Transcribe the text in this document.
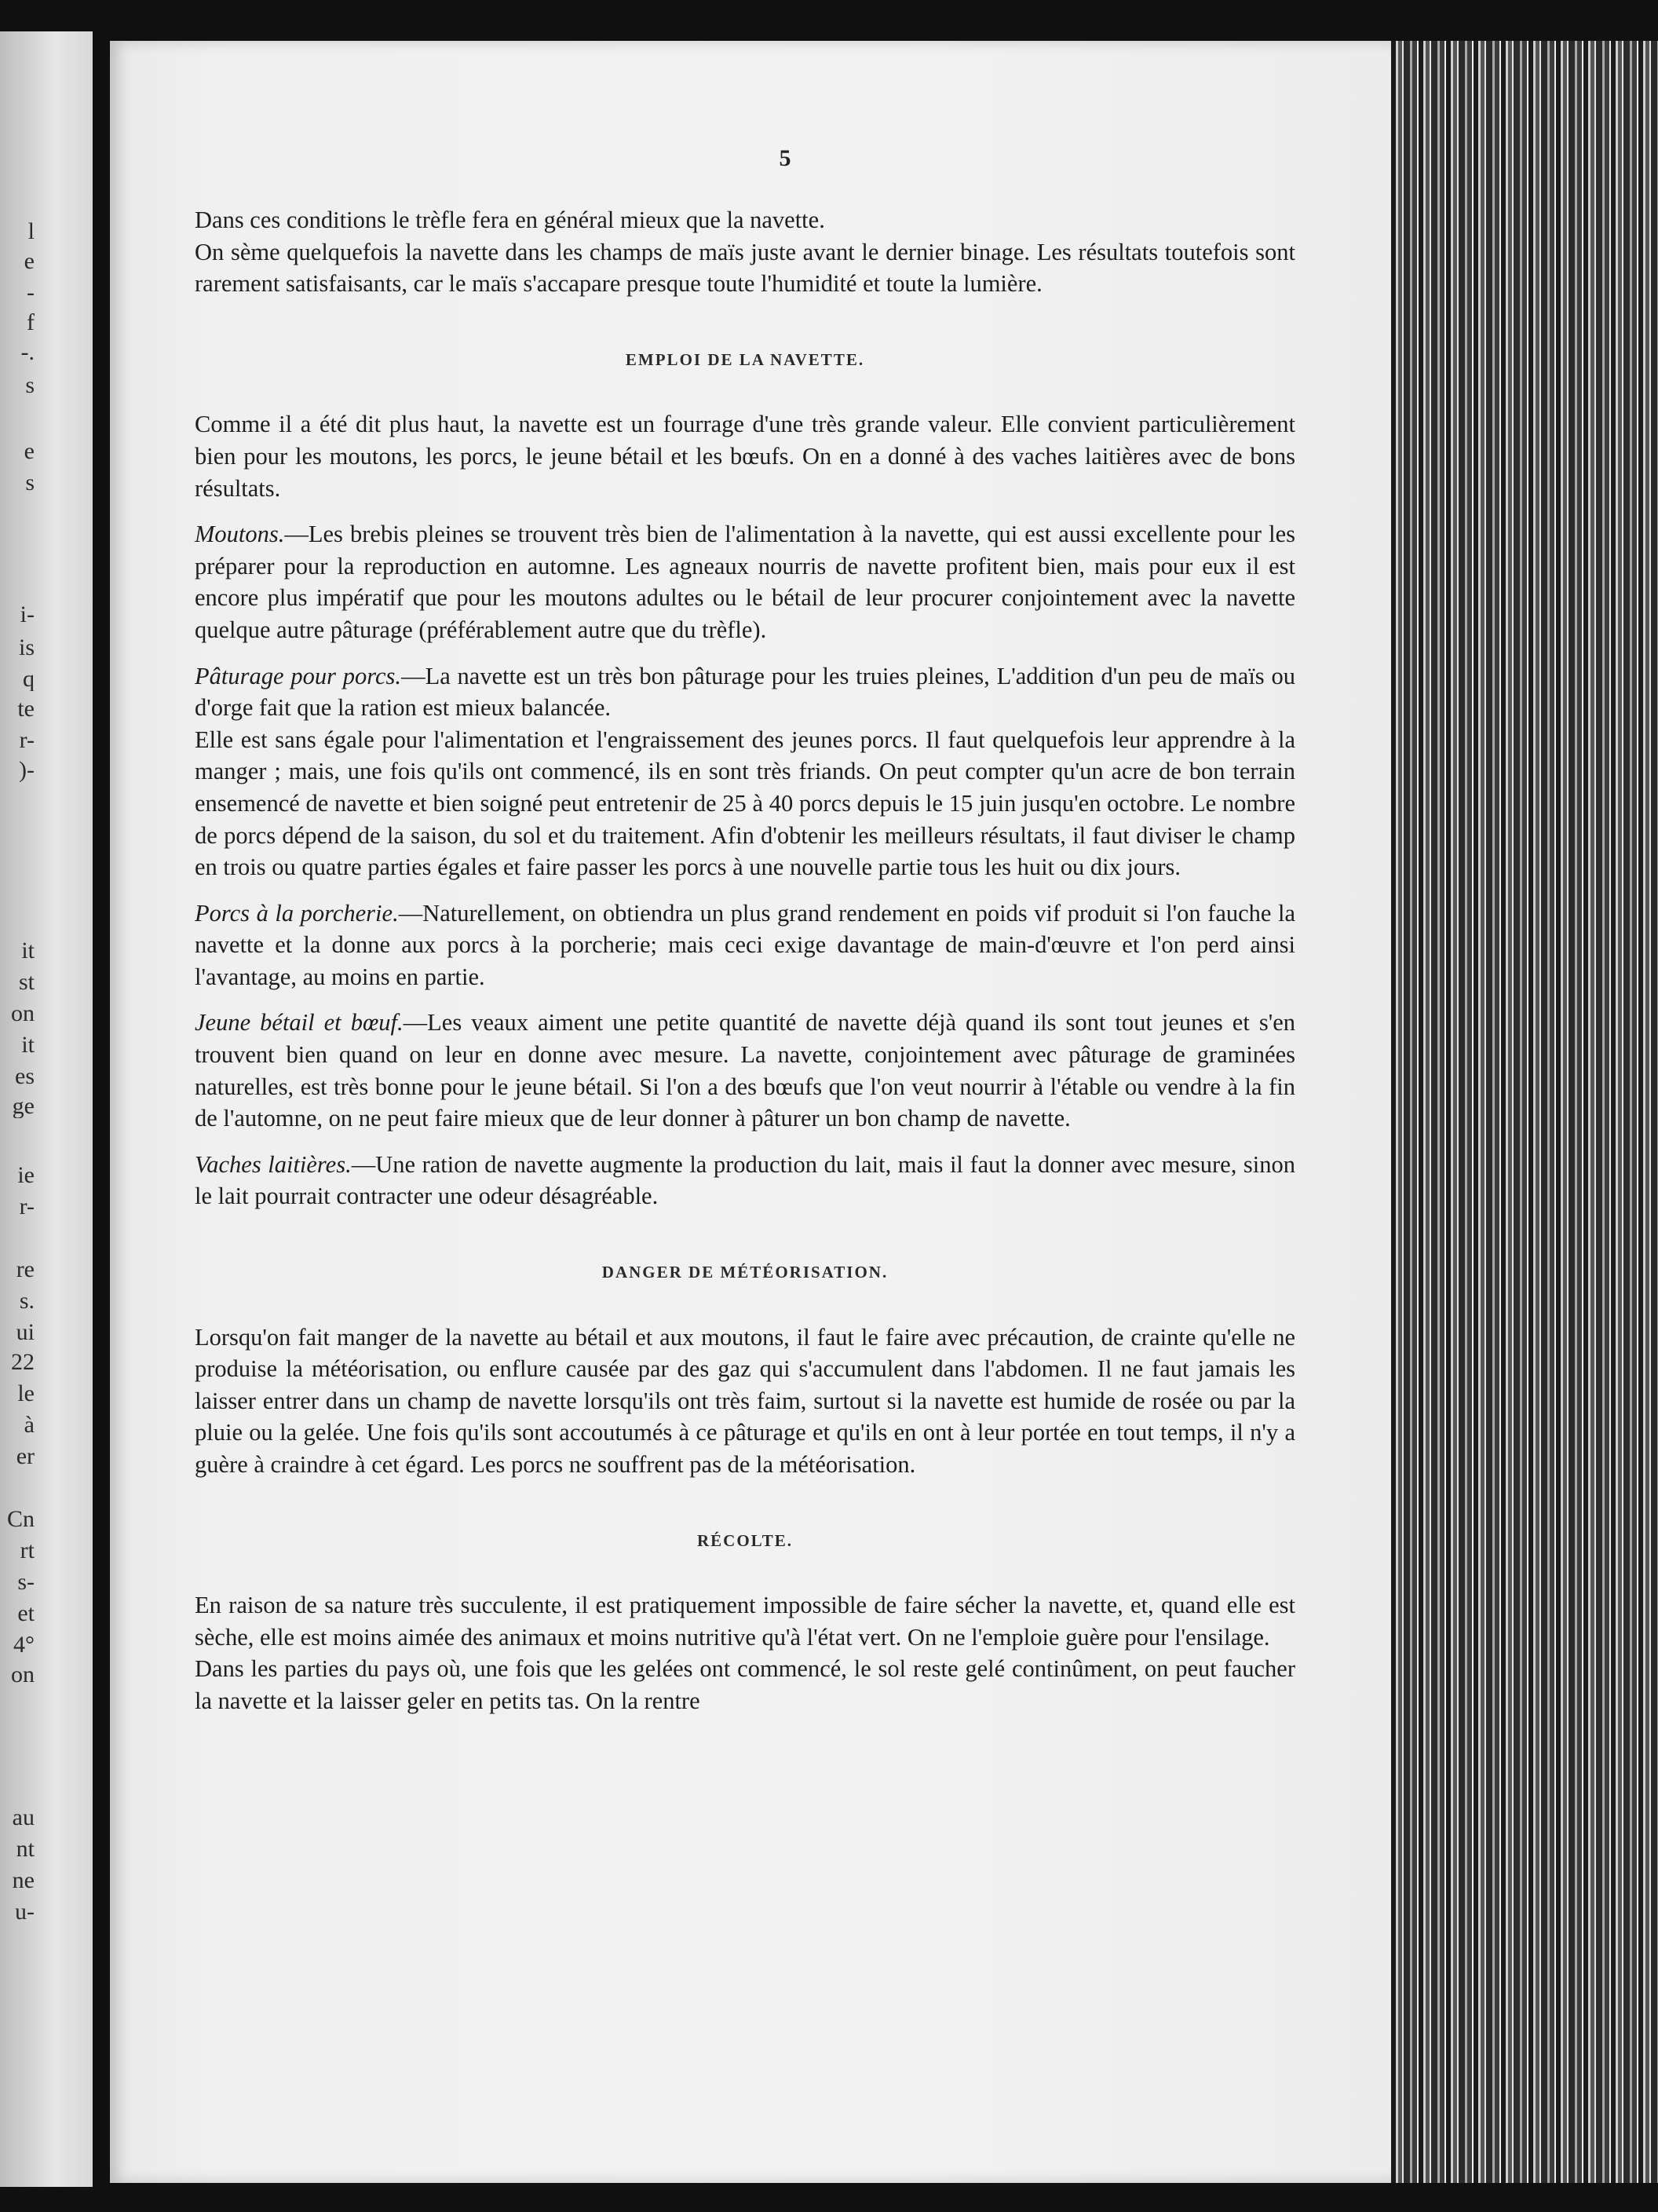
l
e
-
f
-.
s
e
s
i-
is
q
te
r-
)-
it
st
on
it
es
ge
ie
r-
re
s.
ui
22
le
à
er
Cn
rt
s-
et
4°
on
au
nt
ne
u-
5

Dans ces conditions le trèfle fera en général mieux que la navette.

On sème quelquefois la navette dans les champs de maïs juste avant le dernier binage. Les résultats toutefois sont rarement satisfaisants, car le maïs s'accapare presque toute l'humidité et toute la lumière.

EMPLOI DE LA NAVETTE.

Comme il a été dit plus haut, la navette est un fourrage d'une très grande valeur. Elle convient particulièrement bien pour les moutons, les porcs, le jeune bétail et les bœufs. On en a donné à des vaches laitières avec de bons résultats.

Moutons.—Les brebis pleines se trouvent très bien de l'alimentation à la navette, qui est aussi excellente pour les préparer pour la reproduction en automne. Les agneaux nourris de navette profitent bien, mais pour eux il est encore plus impératif que pour les moutons adultes ou le bétail de leur procurer conjointement avec la navette quelque autre pâturage (préférablement autre que du trèfle).

Pâturage pour porcs.—La navette est un très bon pâturage pour les truies pleines, L'addition d'un peu de maïs ou d'orge fait que la ration est mieux balancée.

Elle est sans égale pour l'alimentation et l'engraissement des jeunes porcs. Il faut quelquefois leur apprendre à la manger ; mais, une fois qu'ils ont commencé, ils en sont très friands. On peut compter qu'un acre de bon terrain ensemencé de navette et bien soigné peut entretenir de 25 à 40 porcs depuis le 15 juin jusqu'en octobre. Le nombre de porcs dépend de la saison, du sol et du traitement. Afin d'obtenir les meilleurs résultats, il faut diviser le champ en trois ou quatre parties égales et faire passer les porcs à une nouvelle partie tous les huit ou dix jours.

Porcs à la porcherie.—Naturellement, on obtiendra un plus grand rendement en poids vif produit si l'on fauche la navette et la donne aux porcs à la porcherie; mais ceci exige davantage de main-d'œuvre et l'on perd ainsi l'avantage, au moins en partie.

Jeune bétail et bœuf.—Les veaux aiment une petite quantité de navette déjà quand ils sont tout jeunes et s'en trouvent bien quand on leur en donne avec mesure. La navette, conjointement avec pâturage de graminées naturelles, est très bonne pour le jeune bétail. Si l'on a des bœufs que l'on veut nourrir à l'étable ou vendre à la fin de l'automne, on ne peut faire mieux que de leur donner à pâturer un bon champ de navette.

Vaches laitières.—Une ration de navette augmente la production du lait, mais il faut la donner avec mesure, sinon le lait pourrait contracter une odeur désagréable.

DANGER DE MÉTÉORISATION.

Lorsqu'on fait manger de la navette au bétail et aux moutons, il faut le faire avec précaution, de crainte qu'elle ne produise la météorisation, ou enflure causée par des gaz qui s'accumulent dans l'abdomen. Il ne faut jamais les laisser entrer dans un champ de navette lorsqu'ils ont très faim, surtout si la navette est humide de rosée ou par la pluie ou la gelée. Une fois qu'ils sont accoutumés à ce pâturage et qu'ils en ont à leur portée en tout temps, il n'y a guère à craindre à cet égard. Les porcs ne souffrent pas de la météorisation.

RÉCOLTE.

En raison de sa nature très succulente, il est pratiquement impossible de faire sécher la navette, et, quand elle est sèche, elle est moins aimée des animaux et moins nutritive qu'à l'état vert. On ne l'emploie guère pour l'ensilage.

Dans les parties du pays où, une fois que les gelées ont commencé, le sol reste gelé continûment, on peut faucher la navette et la laisser geler en petits tas. On la rentre
